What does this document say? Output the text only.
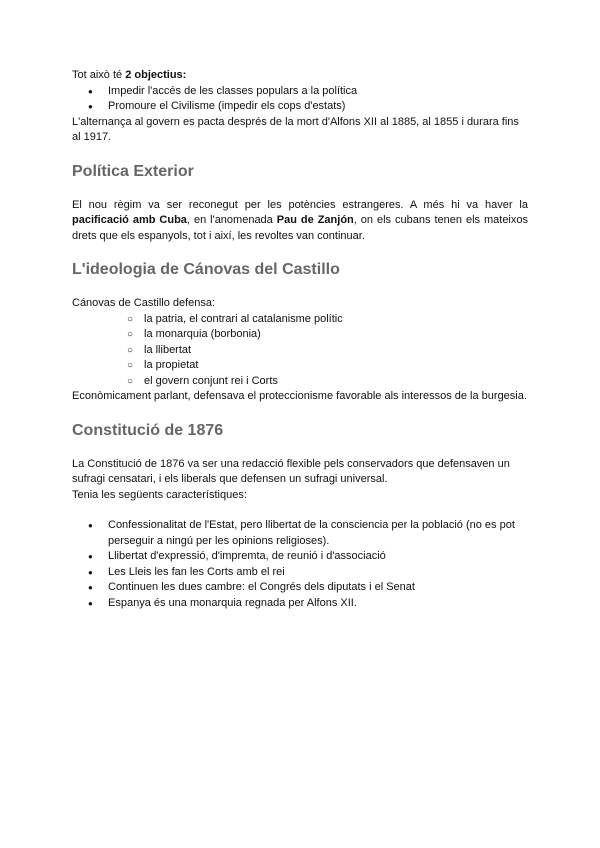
Tot això té 2 objectius:

● Impedir l'accés de les classes populars a la política
● Promoure el Civilisme (impedir els cops d'estats)

L'alternança al govern es pacta després de la mort d'Alfons XII al 1885, al 1855 i durara fins al 1917.

Política Exterior

El nou règim va ser reconegut per les potències estrangeres. A més hi va haver la pacificació amb Cuba, en l'anomenada Pau de Zanjón, on els cubans tenen els mateixos drets que els espanyols, tot i així, les revoltes van continuar.

L'ideologia de Cánovas del Castillo

Cánovas de Castillo defensa:

○ la patria, el contrari al catalanisme polític
○ la monarquia (borbonia)
○ la llibertat
○ la propietat
○ el govern conjunt rei i Corts

Econòmicament parlant, defensava el proteccionisme favorable als interessos de la burgesia.

Constitució de 1876

La Constitució de 1876 va ser una redacció flexible pels conservadors que defensaven un sufragi censatari, i els liberals que defensen un sufragi universal.

Tenia les següents característiques:

● Confessionalitat de l'Estat, pero llibertat de la consciencia per la població (no es pot perseguir a ningú per les opinions religioses).
● Llibertat d'expressió, d'impremta, de reunió i d'associació
● Les Lleis les fan les Corts amb el rei
● Continuen les dues cambre: el Congrés dels diputats i el Senat
● Espanya és una monarquia regnada per Alfons XII.
